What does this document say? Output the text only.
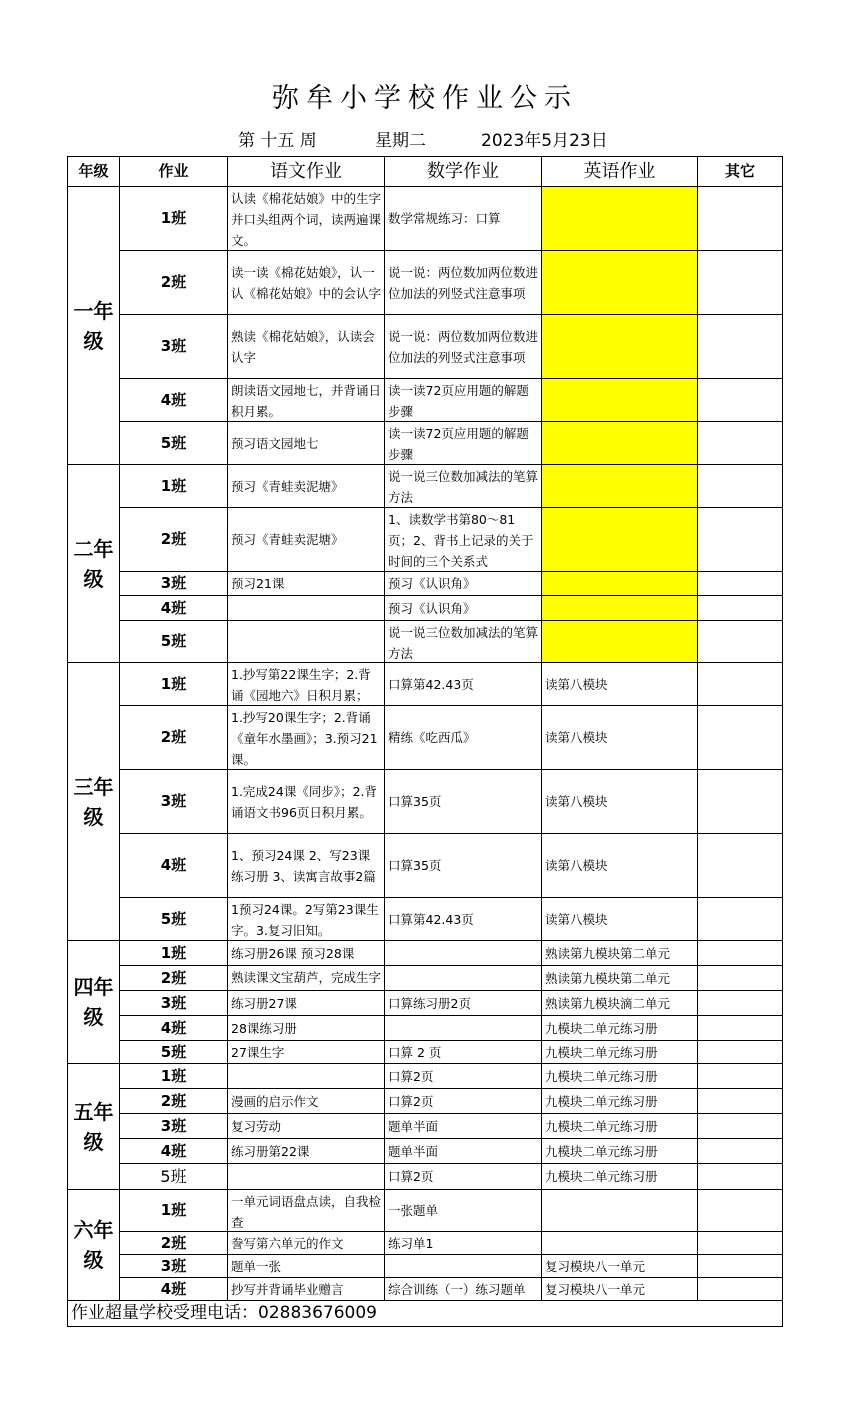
弥牟小学校作业公示
第 十五 周	星期二	2023年5月23日
年级	作业	语文作业	数学作业	英语作业	其它
一年级	1班	认读《棉花姑娘》中的生字并口头组两个词，读两遍课文。	数学常规练习：口算		

	2班	读一读《棉花姑娘》，认一认《棉花姑娘》中的会认字	说一说：两位数加两位数进位加法的列竖式注意事项		

	3班	熟读《棉花姑娘》，认读会认字	说一说：两位数加两位数进位加法的列竖式注意事项		

	4班	朗读语文园地七，并背诵日积月累。	读一读72页应用题的解题步骤		

	5班	预习语文园地七	读一读72页应用题的解题步骤		

二年级	1班	预习《青蛙卖泥塘》	说一说三位数加减法的笔算方法		

	2班	预习《青蛙卖泥塘》	1、读数学书第80～81页；2、背书上记录的关于时间的三个关系式		

	3班	预习21课	预习《认识角》		

	4班		预习《认识角》		

	5班		说一说三位数加减法的笔算方法		

三年级	1班	1.抄写第22课生字；2.背诵《园地六》日积月累；	口算第42.43页	读第八模块	

	2班	1.抄写20课生字；2.背诵《童年水墨画》；3.预习21课。	精练《吃西瓜》	读第八模块	

	3班	1.完成24课《同步》；2.背诵语文书96页日积月累。	口算35页	读第八模块	

	4班	1、预习24课 2、写23课练习册 3、读寓言故事2篇	口算35页	读第八模块	

	5班	1预习24课。2写第23课生字。3.复习旧知。	口算第42.43页	读第八模块	

四年级	1班	练习册26课 预习28课		熟读第九模块第二单元	

	2班	熟读课文宝葫芦，完成生字		熟读第九模块第二单元	

	3班	练习册27课	口算练习册2页	熟读第九模块滴二单元	

	4班	28课练习册		九模块二单元练习册	

	5班	27课生字	口算 2 页	九模块二单元练习册	

五年级	1班		口算2页	九模块二单元练习册	

	2班	漫画的启示作文	口算2页	九模块二单元练习册	

	3班	复习劳动	题单半面	九模块二单元练习册	

	4班	练习册第22课	题单半面	九模块二单元练习册	

	5班		口算2页	九模块二单元练习册	

六年级	1班	一单元词语盘点读，自我检查	一张题单		

	2班	誊写第六单元的作文	练习单1		

	3班	题单一张		复习模块八一单元	

	4班	抄写并背诵毕业赠言	综合训练（一）练习题单	复习模块八一单元	

作业超量学校受理电话：02883676009					
